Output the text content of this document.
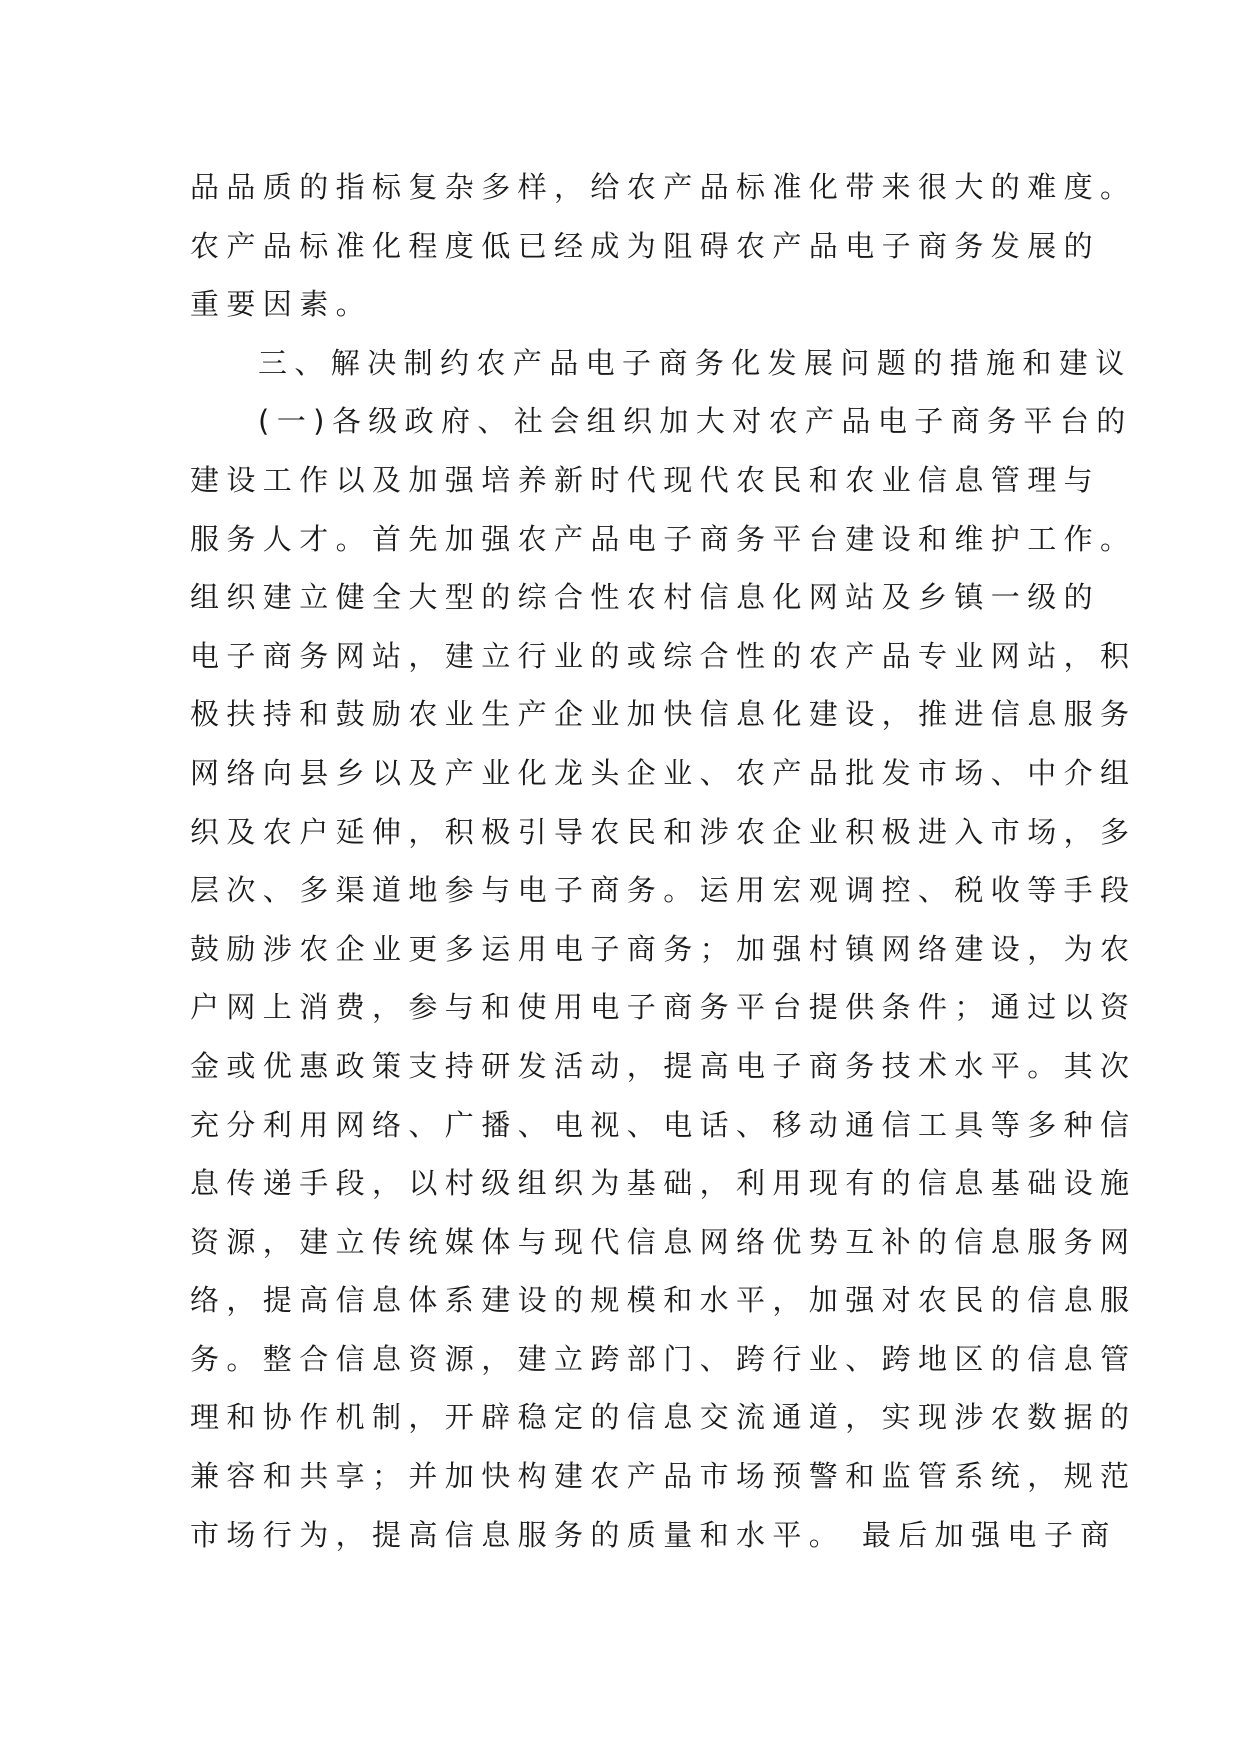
品品质的指标复杂多样，给农产品标准化带来很大的难度。
农产品标准化程度低已经成为阻碍农产品电子商务发展的
重要因素。
三、解决制约农产品电子商务化发展问题的措施和建议
(一)各级政府、社会组织加大对农产品电子商务平台的
建设工作以及加强培养新时代现代农民和农业信息管理与
服务人才。首先加强农产品电子商务平台建设和维护工作。
组织建立健全大型的综合性农村信息化网站及乡镇一级的
电子商务网站，建立行业的或综合性的农产品专业网站，积
极扶持和鼓励农业生产企业加快信息化建设，推进信息服务
网络向县乡以及产业化龙头企业、农产品批发市场、中介组
织及农户延伸，积极引导农民和涉农企业积极进入市场，多
层次、多渠道地参与电子商务。运用宏观调控、税收等手段
鼓励涉农企业更多运用电子商务；加强村镇网络建设，为农
户网上消费，参与和使用电子商务平台提供条件；通过以资
金或优惠政策支持研发活动，提高电子商务技术水平。其次
充分利用网络、广播、电视、电话、移动通信工具等多种信
息传递手段，以村级组织为基础，利用现有的信息基础设施
资源，建立传统媒体与现代信息网络优势互补的信息服务网
络，提高信息体系建设的规模和水平，加强对农民的信息服
务。整合信息资源，建立跨部门、跨行业、跨地区的信息管
理和协作机制，开辟稳定的信息交流通道，实现涉农数据的
兼容和共享；并加快构建农产品市场预警和监管系统，规范
市场行为，提高信息服务的质量和水平。 最后加强电子商
